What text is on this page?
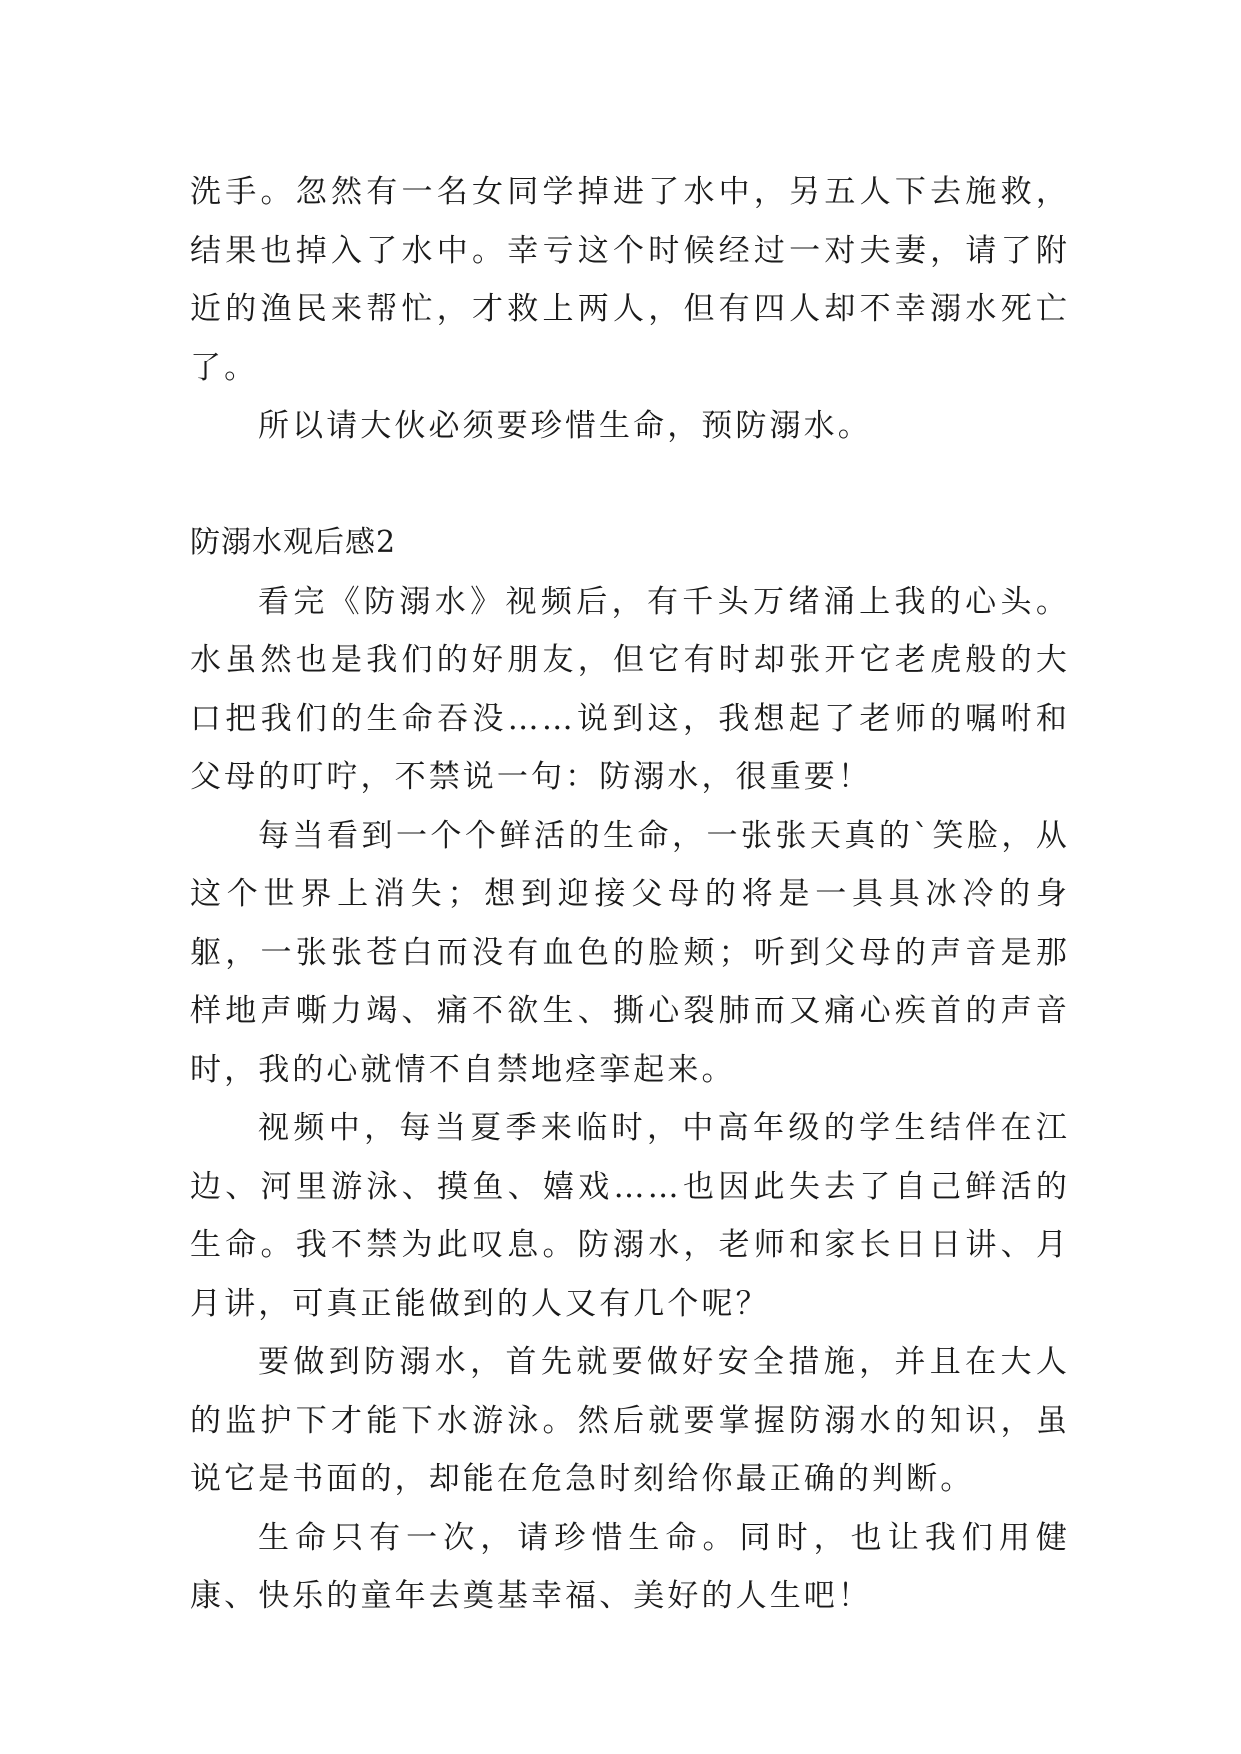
洗手。忽然有一名女同学掉进了水中，另五人下去施救，结果也掉入了水中。幸亏这个时候经过一对夫妻，请了附近的渔民来帮忙，才救上两人，但有四人却不幸溺水死亡了。

所以请大伙必须要珍惜生命，预防溺水。

防溺水观后感2

看完《防溺水》视频后，有千头万绪涌上我的心头。水虽然也是我们的好朋友，但它有时却张开它老虎般的大口把我们的生命吞没……说到这，我想起了老师的嘱咐和父母的叮咛，不禁说一句：防溺水，很重要！

每当看到一个个鲜活的生命，一张张天真的`笑脸，从这个世界上消失；想到迎接父母的将是一具具冰冷的身躯，一张张苍白而没有血色的脸颊；听到父母的声音是那样地声嘶力竭、痛不欲生、撕心裂肺而又痛心疾首的声音时，我的心就情不自禁地痉挛起来。

视频中，每当夏季来临时，中高年级的学生结伴在江边、河里游泳、摸鱼、嬉戏……也因此失去了自己鲜活的生命。我不禁为此叹息。防溺水，老师和家长日日讲、月月讲，可真正能做到的人又有几个呢？

要做到防溺水，首先就要做好安全措施，并且在大人的监护下才能下水游泳。然后就要掌握防溺水的知识，虽说它是书面的，却能在危急时刻给你最正确的判断。

生命只有一次，请珍惜生命。同时，也让我们用健康、快乐的童年去奠基幸福、美好的人生吧！
